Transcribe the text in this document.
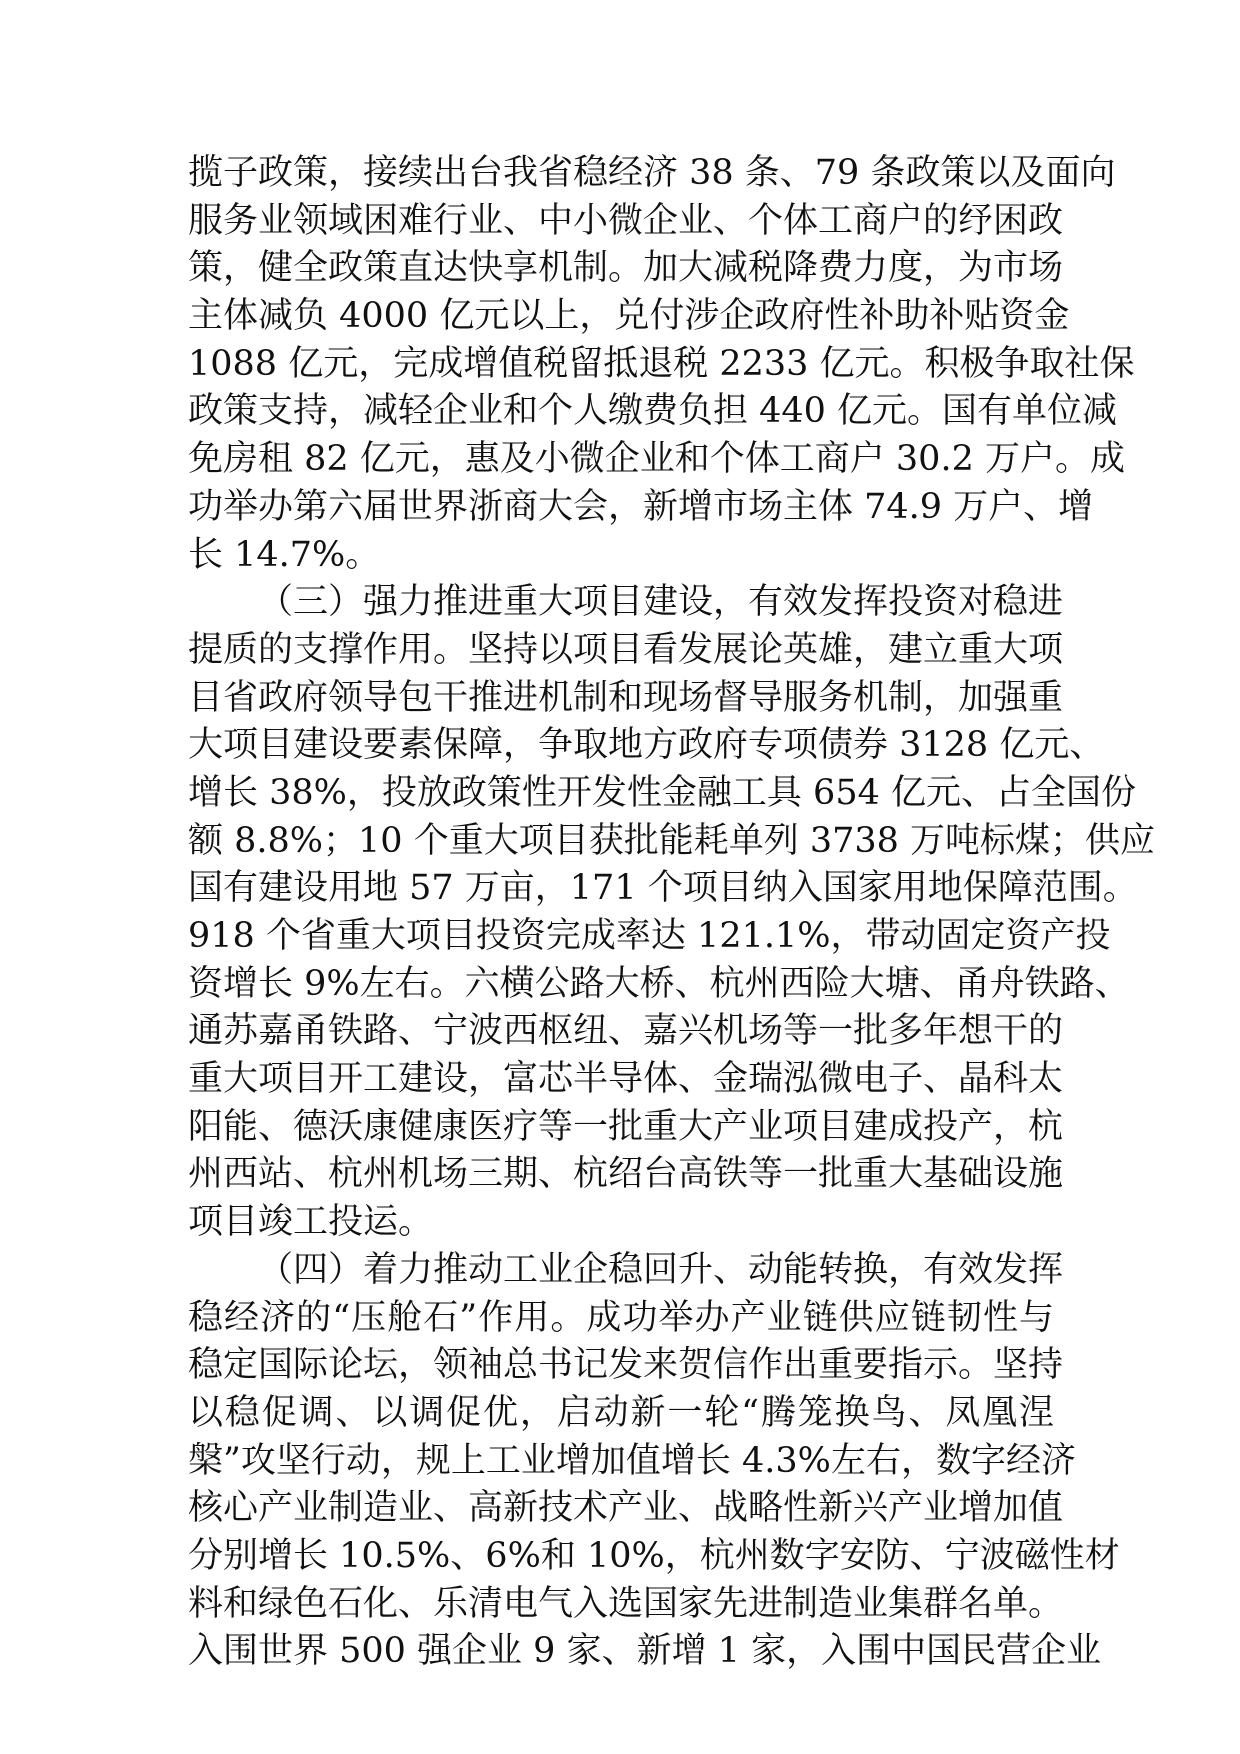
揽子政策，接续出台我省稳经济 38 条、79 条政策以及面向
服务业领域困难行业、中小微企业、个体工商户的纾困政
策，健全政策直达快享机制。加大减税降费力度，为市场
主体减负 4000 亿元以上，兑付涉企政府性补助补贴资金
1088 亿元，完成增值税留抵退税 2233 亿元。积极争取社保
政策支持，减轻企业和个人缴费负担 440 亿元。国有单位减
免房租 82 亿元，惠及小微企业和个体工商户 30.2 万户。成
功举办第六届世界浙商大会，新增市场主体 74.9 万户、增
长 14.7%。
（三）强力推进重大项目建设，有效发挥投资对稳进
提质的支撑作用。坚持以项目看发展论英雄，建立重大项
目省政府领导包干推进机制和现场督导服务机制，加强重
大项目建设要素保障，争取地方政府专项债券 3128 亿元、
增长 38%，投放政策性开发性金融工具 654 亿元、占全国份
额 8.8%；10 个重大项目获批能耗单列 3738 万吨标煤；供应
国有建设用地 57 万亩，171 个项目纳入国家用地保障范围。
918 个省重大项目投资完成率达 121.1%，带动固定资产投
资增长 9%左右。六横公路大桥、杭州西险大塘、甬舟铁路、
通苏嘉甬铁路、宁波西枢纽、嘉兴机场等一批多年想干的
重大项目开工建设，富芯半导体、金瑞泓微电子、晶科太
阳能、德沃康健康医疗等一批重大产业项目建成投产，杭
州西站、杭州机场三期、杭绍台高铁等一批重大基础设施
项目竣工投运。
（四）着力推动工业企稳回升、动能转换，有效发挥
稳经济的“压舱石”作用。成功举办产业链供应链韧性与
稳定国际论坛，领袖总书记发来贺信作出重要指示。坚持
以稳促调、以调促优，启动新一轮“腾笼换鸟、凤凰涅
槃”攻坚行动，规上工业增加值增长 4.3%左右，数字经济
核心产业制造业、高新技术产业、战略性新兴产业增加值
分别增长 10.5%、6%和 10%，杭州数字安防、宁波磁性材
料和绿色石化、乐清电气入选国家先进制造业集群名单。
入围世界 500 强企业 9 家、新增 1 家，入围中国民营企业
